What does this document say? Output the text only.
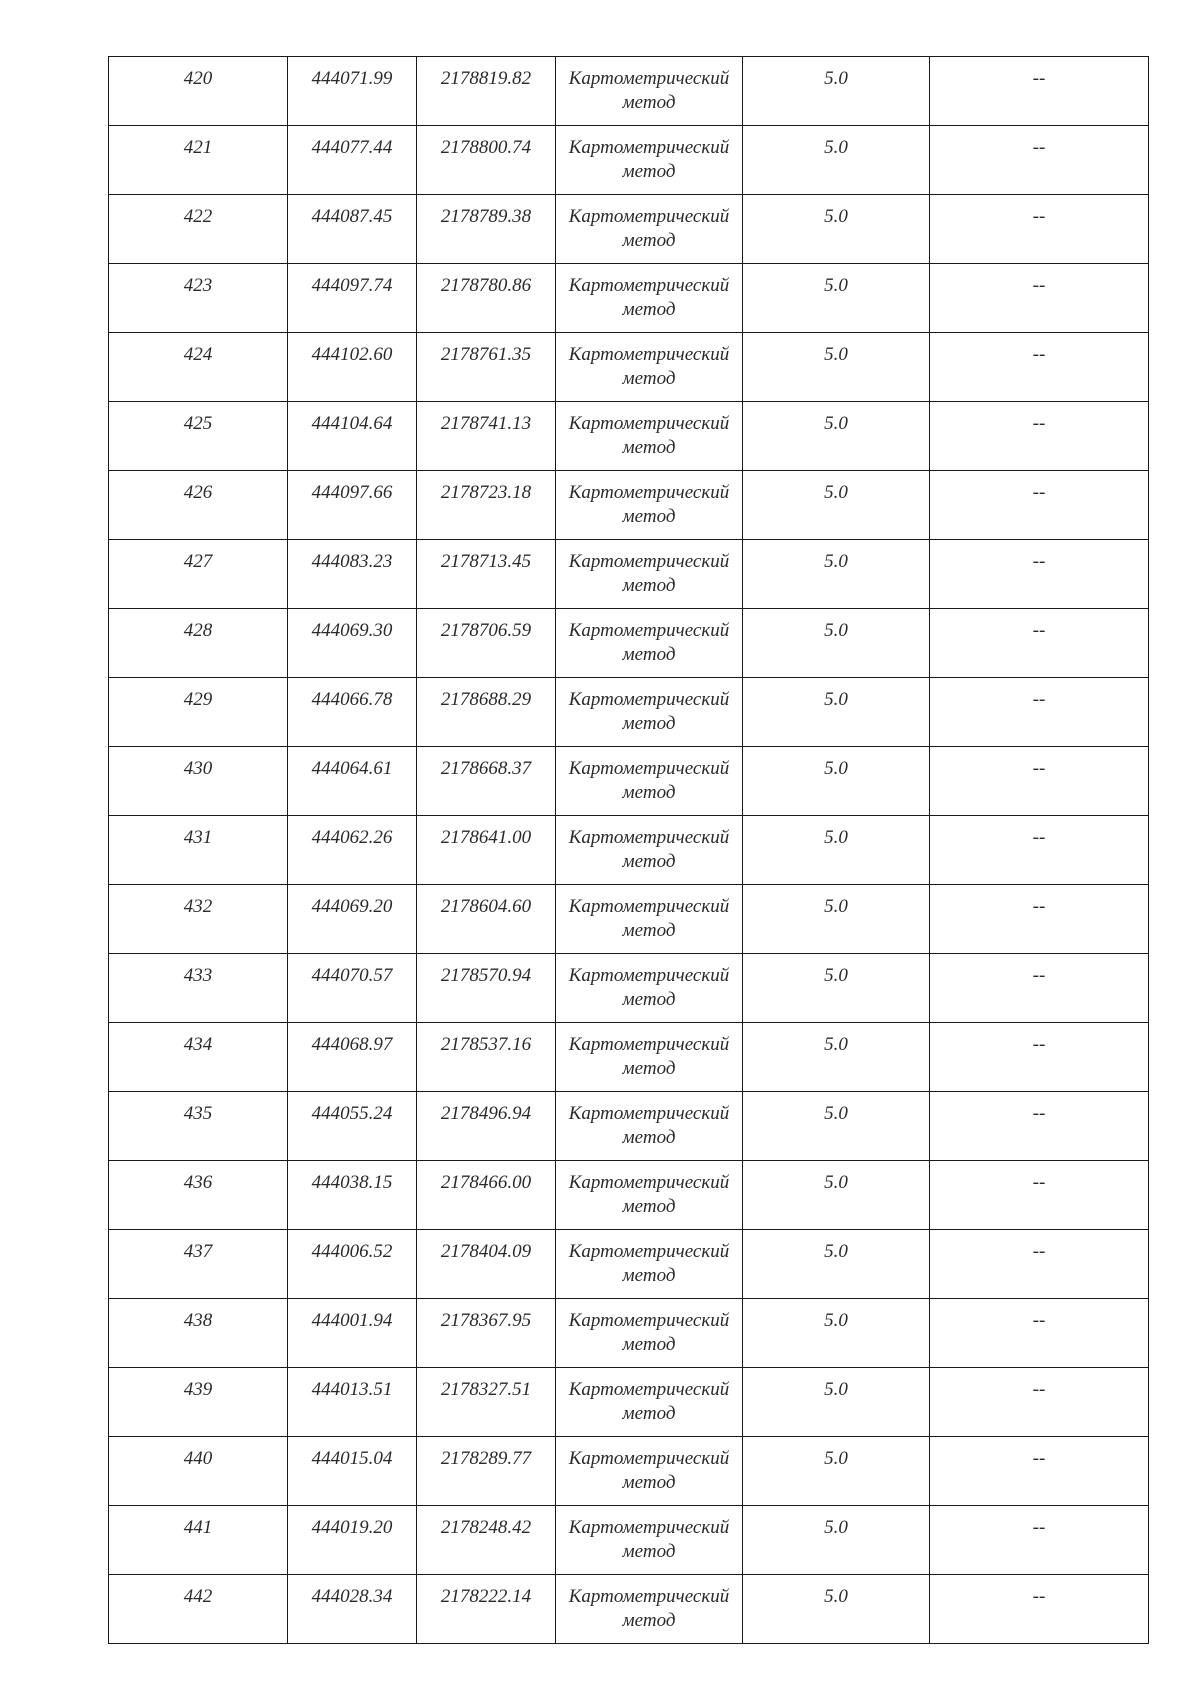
420	444071.99	2178819.82	Картометрический
метод	5.0	--

421	444077.44	2178800.74	Картометрический
метод	5.0	--

422	444087.45	2178789.38	Картометрический
метод	5.0	--

423	444097.74	2178780.86	Картометрический
метод	5.0	--

424	444102.60	2178761.35	Картометрический
метод	5.0	--

425	444104.64	2178741.13	Картометрический
метод	5.0	--

426	444097.66	2178723.18	Картометрический
метод	5.0	--

427	444083.23	2178713.45	Картометрический
метод	5.0	--

428	444069.30	2178706.59	Картометрический
метод	5.0	--

429	444066.78	2178688.29	Картометрический
метод	5.0	--

430	444064.61	2178668.37	Картометрический
метод	5.0	--

431	444062.26	2178641.00	Картометрический
метод	5.0	--

432	444069.20	2178604.60	Картометрический
метод	5.0	--

433	444070.57	2178570.94	Картометрический
метод	5.0	--

434	444068.97	2178537.16	Картометрический
метод	5.0	--

435	444055.24	2178496.94	Картометрический
метод	5.0	--

436	444038.15	2178466.00	Картометрический
метод	5.0	--

437	444006.52	2178404.09	Картометрический
метод	5.0	--

438	444001.94	2178367.95	Картометрический
метод	5.0	--

439	444013.51	2178327.51	Картометрический
метод	5.0	--

440	444015.04	2178289.77	Картометрический
метод	5.0	--

441	444019.20	2178248.42	Картометрический
метод	5.0	--

442	444028.34	2178222.14	Картометрический
метод	5.0	--
